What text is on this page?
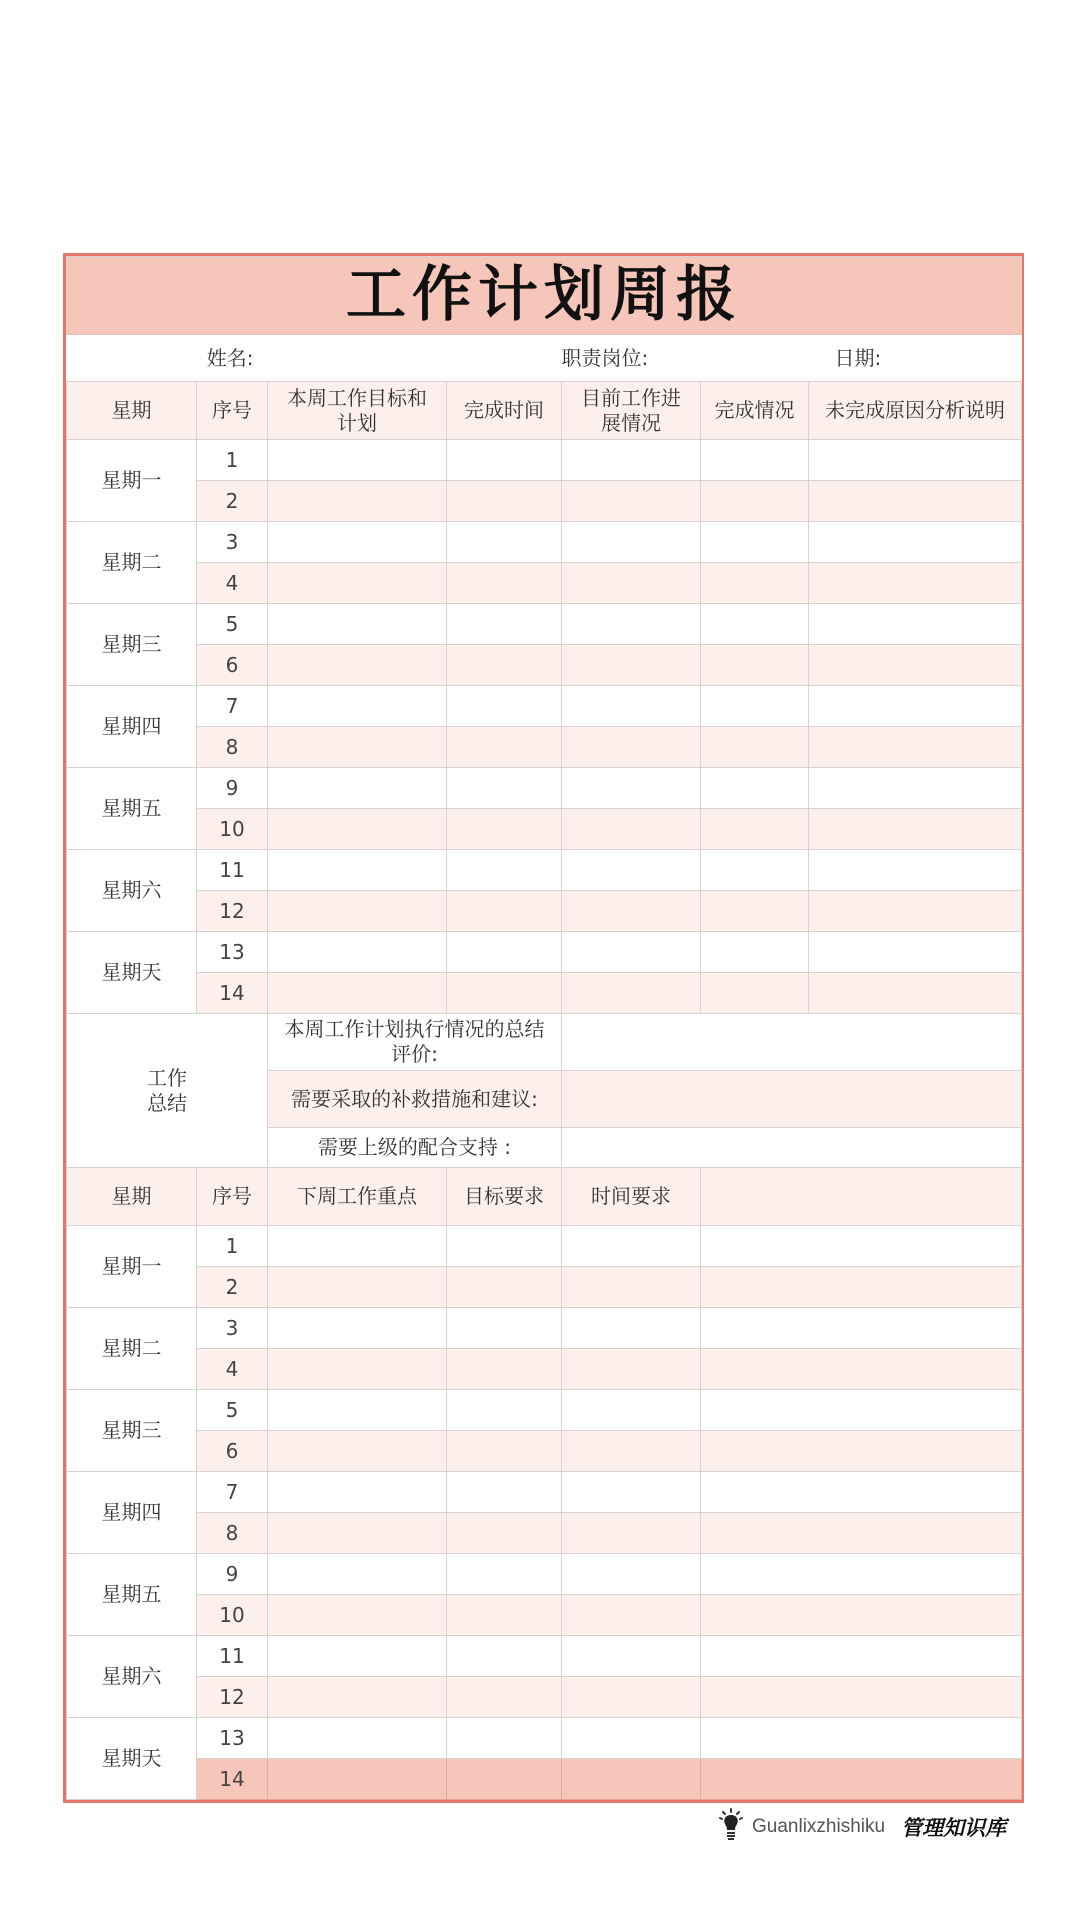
工作计划周报						
姓名:				职责岗位:		日期:
星期	序号	本周工作目标和计划	完成时间	目前工作进展情况	完成情况	未完成原因分析说明
星期一	1					
	2					
星期二	3					
	4					
星期三	5					
	6					
星期四	7					
	8					
星期五	9					
	10					
星期六	11					
	12					
星期天	13					
	14					
工作总结		本周工作计划执行情况的总结评价:				
		需要采取的补救措施和建议:				
		需要上级的配合支持 :				
星期	序号	下周工作重点	目标要求	时间要求		
星期一	1					
	2					
星期二	3					
	4					
星期三	5					
	6					
星期四	7					
	8					
星期五	9					
	10					
星期六	11					
	12					
星期天	13					
	14					
Guanlixzhishiku 管理知识库
